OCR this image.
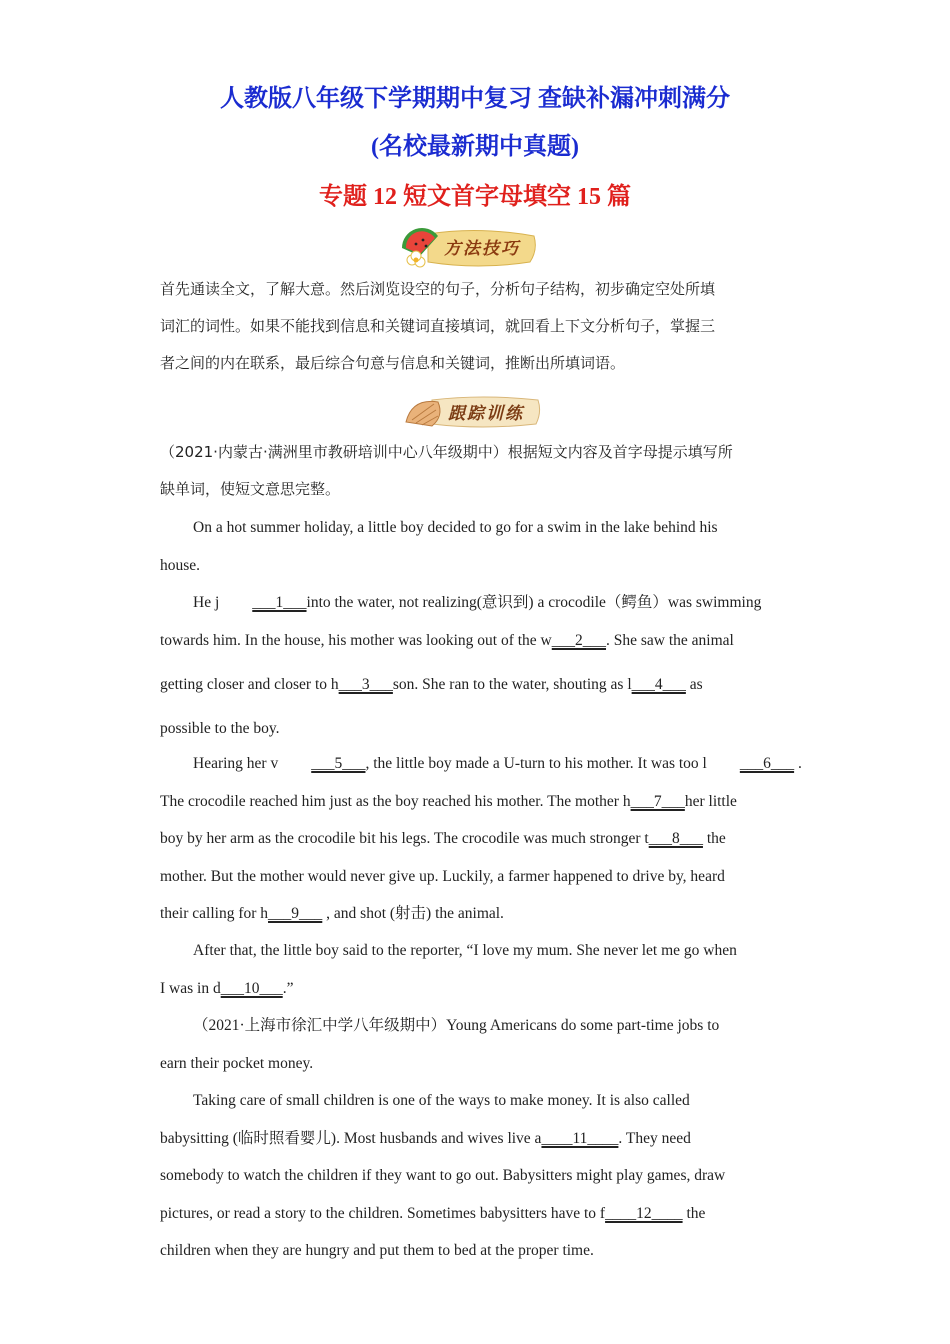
人教版八年级下学期期中复习 查缺补漏冲刺满分
(名校最新期中真题)
专题 12 短文首字母填空 15 篇
方法技巧
首先通读全文，了解大意。然后浏览设空的句子，分析句子结构，初步确定空处所填
词汇的词性。如果不能找到信息和关键词直接填词，就回看上下文分析句子，掌握三
者之间的内在联系，最后综合句意与信息和关键词，推断出所填词语。
跟踪训练
（2021·内蒙古·满洲里市教研培训中心八年级期中）根据短文内容及首字母提示填写所
缺单词，使短文意思完整。
On a hot summer holiday, a little boy decided to go for a swim in the lake behind his
house.
He j ___1___into the water, not realizing(意识到) a crocodile（鳄鱼）was swimming
towards him. In the house, his mother was looking out of the w___2___. She saw the animal
getting closer and closer to h___3___son. She ran to the water, shouting as l___4___ as
possible to the boy.
Hearing her v ___5___, the little boy made a U-turn to his mother. It was too l ___6___ .
The crocodile reached him just as the boy reached his mother. The mother h___7___her little
boy by her arm as the crocodile bit his legs. The crocodile was much stronger t___8___ the
mother. But the mother would never give up. Luckily, a farmer happened to drive by, heard
their calling for h___9___ , and shot (射击) the animal.
After that, the little boy said to the reporter, “I love my mum. She never let me go when
I was in d___10___.”
（2021·上海市徐汇中学八年级期中）Young Americans do some part-time jobs to
earn their pocket money.
Taking care of small children is one of the ways to make money. It is also called
babysitting (临时照看婴儿). Most husbands and wives live a____11____. They need
somebody to watch the children if they want to go out. Babysitters might play games, draw
pictures, or read a story to the children. Sometimes babysitters have to f____12____ the
children when they are hungry and put them to bed at the proper time.
